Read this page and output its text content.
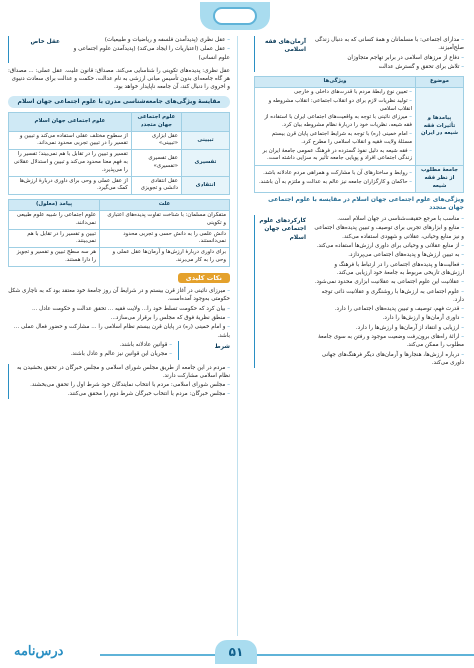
– مدارای اجتماعی: با مسلمانان و همهٔ کسانی که به دنبال زندگی صلح‌آمیزند.

– دفاع از مرزهای اسلامی در برابر تهاجم متجاوزان

– تلاش برای تحقق و گسترش عدالت

آرمان‌های فقه اسلامی
موضوع	ویژگی‌ها
پیامدها و تأثیرات فقه شیعه در ایران	– تعیین نوع رابطهٔ مردم با قدرت‌های داخلی و خارجی

– تولید نظریات لازم برای دو انقلاب اجتماعی: انقلاب مشروطه و انقلاب اسلامی

– میرزای نائینی با توجه به واقعیت‌های اجتماعی ایران با استفاده از فقه شیعه، نظریات خود را دربارهٔ نظام مشروطه بیان کرد.

– امام خمینی (ره) با توجه به شرایط اجتماعی پایان قرن بیستم مسئلهٔ ولایت فقیه و انقلاب اسلامی را مطرح کرد.

– فقه شیعه به دلیل نفوذ گسترده در فرهنگ عمومی جامعهٔ ایران بر زندگی اجتماعی افراد و پویایی جامعه تأثیر به سزایی داشته است.

جامعهٔ مطلوب از نظر فقه شیعه	– روابط و ساختارهای آن با مشارکت و همراهی مردم عادلانه باشد.

– حاکمان و کارگزاران جامعه نیز عالم به عدالت و ملتزم به آن باشند.

ویژگی‌های علوم اجتماعی جهان اسلام در مقایسه با علوم اجتماعی جهان متجدد

– مناسب با مرجع حقیقت‌شناسی در جهان اسلام است.

– منابع و ابزارهای تجربی برای توصیف و تبیین پدیده‌های اجتماعی و نیز منابع وحیانی، عقلانی و شهودی استفاده می‌کند.

– از منابع عقلانی و وحیانی برای داوری ارزش‌ها استفاده می‌کند.

– به تبیین ارزش‌ها و پدیده‌های اجتماعی می‌پردازد.

– فعالیت‌ها و پدیده‌های اجتماعی را در ارتباط با فرهنگ و ارزش‌های تاریخی مربوط به جامعهٔ خود ارزیابی می‌کند.

– عقلانیت این علوم اجتماعی به عقلانیت ابزاری محدود نمی‌شود.

– علوم اجتماعی به ارزش‌ها با روشنگری و عقلانیت ذاتی توجه دارد.

– قدرت فهم، توصیف و تبیین پدیده‌های اجتماعی را دارد.

– داوری آرمان‌ها و ارزش‌ها را دارد.

– ارزیابی و انتقاد از آرمان‌ها و ارزش‌ها را دارد.

– ارائهٔ راه‌های برون‌رفت وضعیت موجود و رفتن به سوی جامعهٔ مطلوب را ممکن می‌کند.

– درباره ارزش‌ها، هنجارها و آرمان‌های دیگر فرهنگ‌های جهانی داوری می‌کند.

کارکردهای علوم اجتماعی جهان اسلام

– عقل نظری (پدیدآمدن فلسفه و ریاضیات و طبیعیات)

– عقل عملی (اعتباریات را ایجاد می‌کند) (پدیدآمدن علوم اجتماعی و علوم انسانی)

عقل خاص

عقل نظری: پدیده‌های تکوینی را شناسایی می‌کند. مصداق: قانون علیت. عقل عملی: ... مصداق: هر گاه جامعه‌ای بدون تأسیس مبانی ارزشی به نام عدالت، حکمت و عدالت برای سعادت دنیوی و اخروی را دنبال کند، آن جامعه ناپایدار خواهد بود.

مقایسهٔ ویژگی‌های جامعه‌شناسی مدرن با علوم اجتماعی جهان اسلام
	علوم اجتماعی جهان متجدد	علوم اجتماعی جهان اسلام
تبیینی	عقل ابزاری «تبیینی»	از سطوح مختلف عقلی استفاده می‌کند و تبیین و تفسیر را در تبیین تجربی محدود نمی‌داند.
تفسیری	عقل تفسیری «تفسیری»	تفسیر و تبیین را در تقابل با هم نمی‌بیند؛ تفسیر را به فهم معنا محدود می‌کند و تبیین و استدلال عقلانی را می‌پذیرد.
انتقادی	عقل انتقادی دانشی و تجویزی	از عقل عملی و وحی برای داوری دربارهٔ ارزش‌ها کمک می‌گیرد.
علت	پیامد (معلول)
متفکران مسلمان: با شناخت تفاوت پدیده‌های اعتباری و تکوینی	علوم اجتماعی را شبیه علوم طبیعی نمی‌دانند.
دانش علمی را به دانش حسی و تجربی محدود نمی‌دانستند.	تبیین و تفسیر را در تقابل با هم نمی‌بینند.
برای داوری دربارهٔ ارزش‌ها و آرمان‌ها عقل عملی و وحی را به کار می‌برند.	هر سه سطح تبیین و تفسیر و تجویز را دارا هستند.
نکات کلیدی

– میرزای نائینی در آغاز قرن بیستم و در شرایط آن روز جامعهٔ خود معتقد بود که به ناچاری شکل حکومتی به‌وجود آمده‌است.

– بیان کرد که حکومت تسلط خود را... ولایت فقیه ... تحقق عدالت و حکومت عادل ...

– منطق نظریهٔ فوق که مجلس را برقرار می‌سازد...

– و امام خمینی (ره) در پایان قرن بیستم نظام اسلامی را ... مشارکت و حضور فعال عملی ... باشد.

شرط

– قوانین عادلانه باشند.

– مجریان این قوانین نیز عالم و عادل باشند.

– مردم در این جامعه از طریق مجلس شورای اسلامی و مجلس خبرگان در تحقق بخشیدن به نظام اسلامی مشارکت دارند.

– مجلس شورای اسلامی: مردم با انتخاب نمایندگان خود شرط اول را تحقق می‌بخشند.

– مجلس خبرگان: مردم با انتخاب خبرگان شرط دوم را محقق می‌کنند.

درس‌نامه	۵۱
